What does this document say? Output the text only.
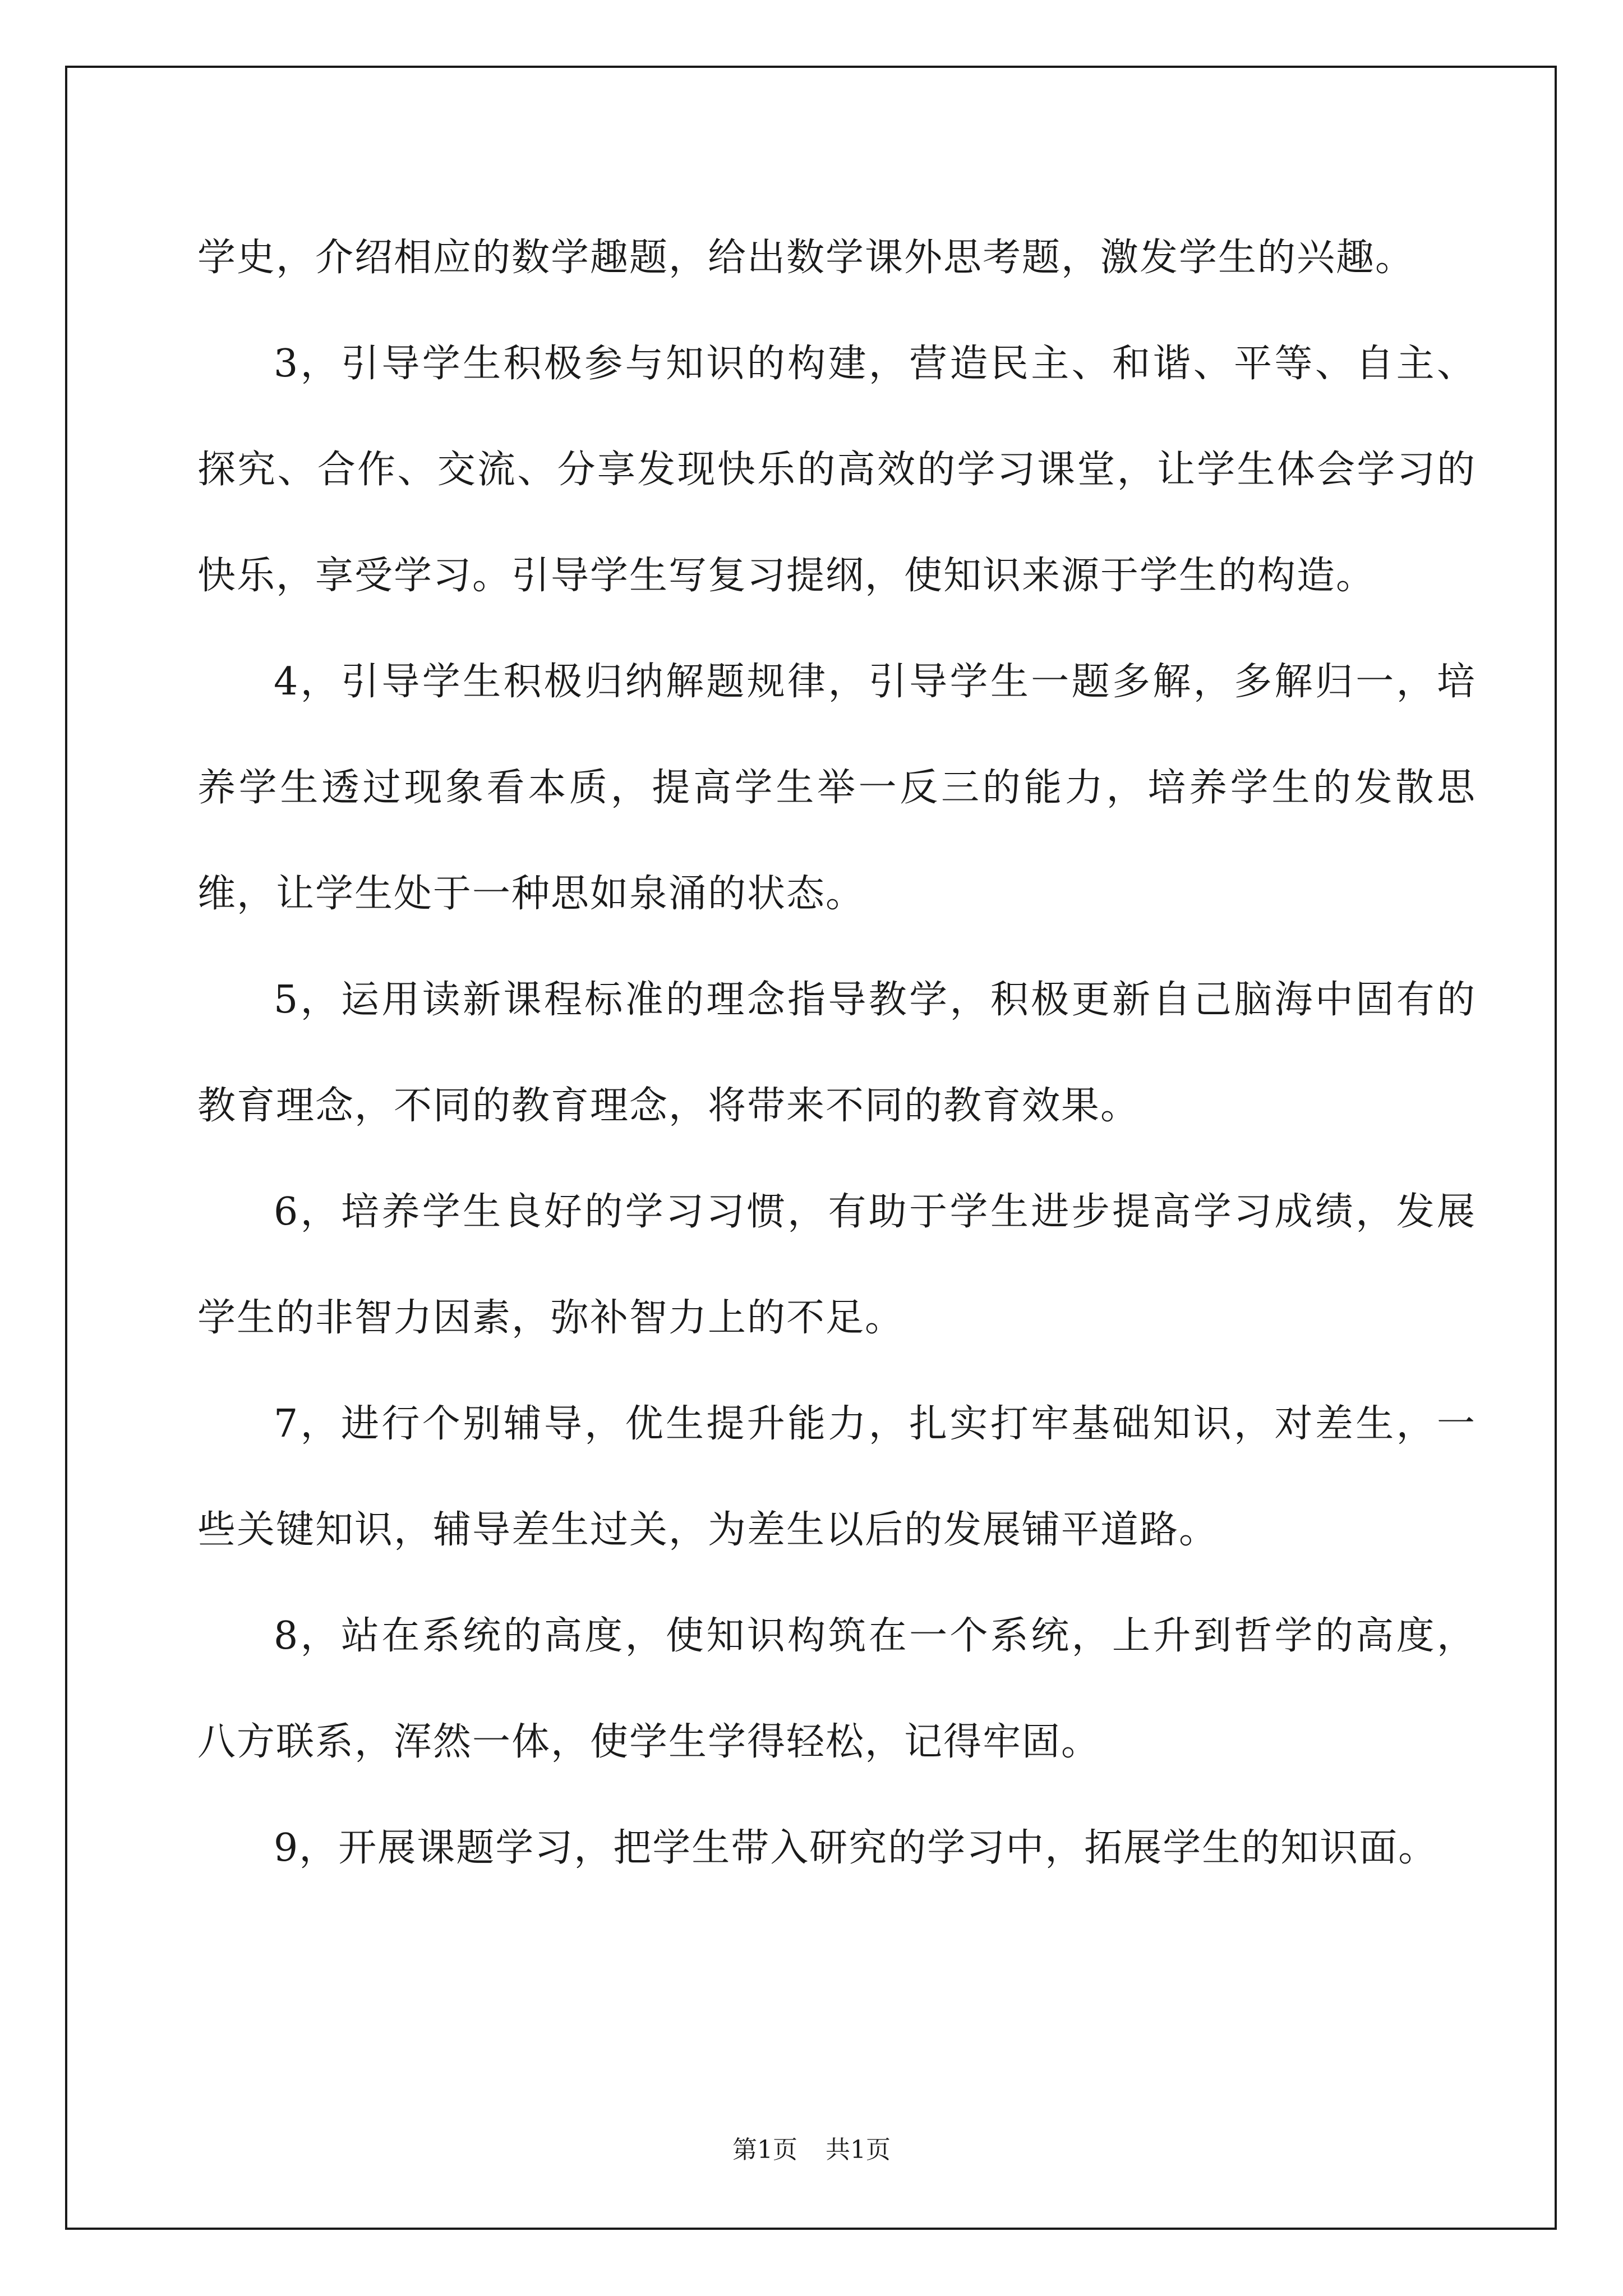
学史，介绍相应的数学趣题，给出数学课外思考题，激发学生的兴趣。

3，引导学生积极参与知识的构建，营造民主、和谐、平等、自主、探究、合作、交流、分享发现快乐的高效的学习课堂，让学生体会学习的快乐，享受学习。引导学生写复习提纲，使知识来源于学生的构造。

4，引导学生积极归纳解题规律，引导学生一题多解，多解归一，培养学生透过现象看本质，提高学生举一反三的能力，培养学生的发散思维，让学生处于一种思如泉涌的状态。

5，运用读新课程标准的理念指导教学，积极更新自己脑海中固有的教育理念，不同的教育理念，将带来不同的教育效果。

6，培养学生良好的学习习惯，有助于学生进步提高学习成绩，发展学生的非智力因素，弥补智力上的不足。

7，进行个别辅导，优生提升能力，扎实打牢基础知识，对差生，一些关键知识，辅导差生过关，为差生以后的发展铺平道路。

8，站在系统的高度，使知识构筑在一个系统，上升到哲学的高度，八方联系，浑然一体，使学生学得轻松，记得牢固。

9，开展课题学习，把学生带入研究的学习中，拓展学生的知识面。

第1页 共1页
